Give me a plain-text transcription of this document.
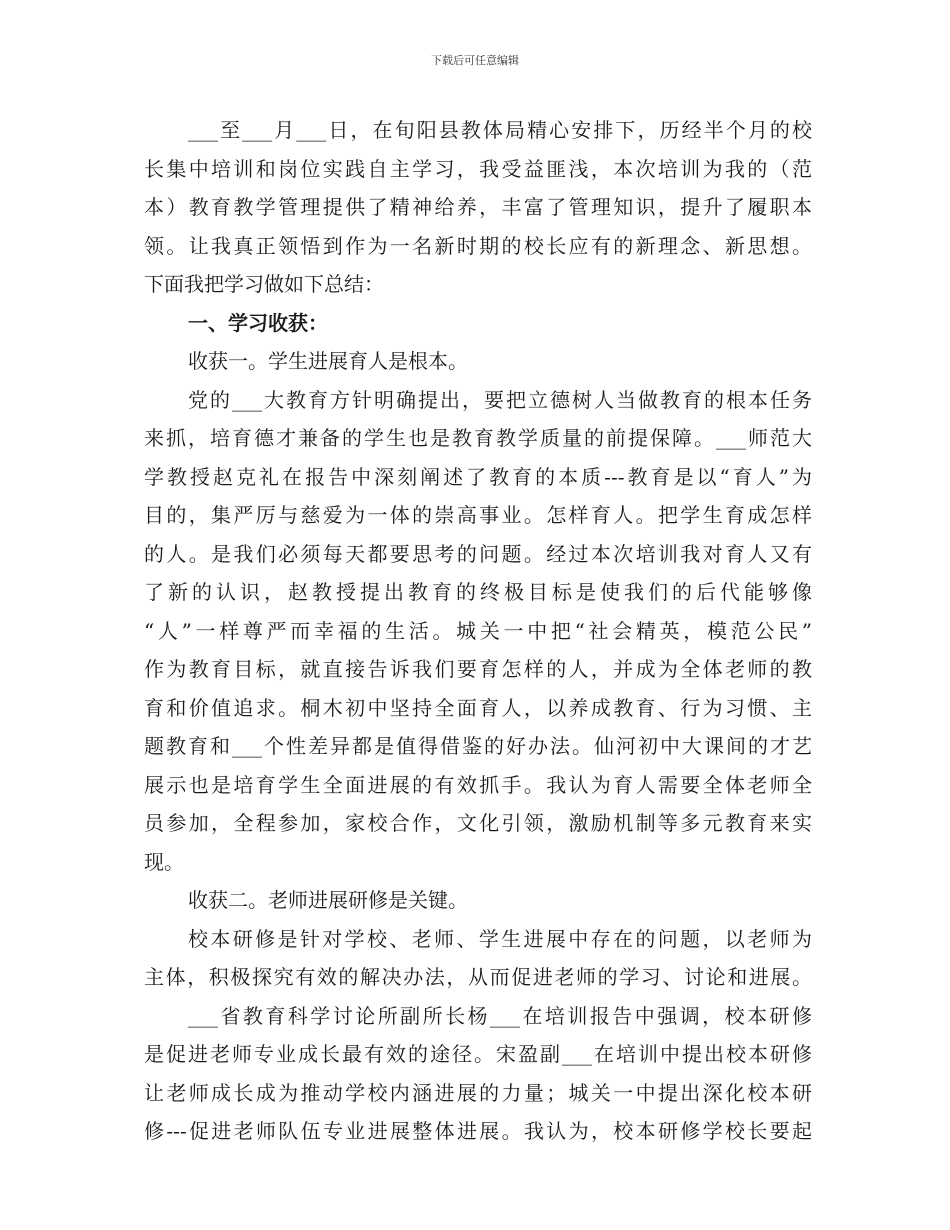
下载后可任意编辑
___至___月___日，在旬阳县教体局精心安排下，历经半个月的校
长集中培训和岗位实践自主学习，我受益匪浅，本次培训为我的（范
本）教育教学管理提供了精神给养，丰富了管理知识，提升了履职本
领。让我真正领悟到作为一名新时期的校长应有的新理念、新思想。
下面我把学习做如下总结：
一、学习收获：
收获一。学生进展育人是根本。
党的___大教育方针明确提出，要把立德树人当做教育的根本任务
来抓，培育德才兼备的学生也是教育教学质量的前提保障。___师范大
学教授赵克礼在报告中深刻阐述了教育的本质---教育是以“育人”为
目的，集严厉与慈爱为一体的崇高事业。怎样育人。把学生育成怎样
的人。是我们必须每天都要思考的问题。经过本次培训我对育人又有
了新的认识，赵教授提出教育的终极目标是使我们的后代能够像
“人”一样尊严而幸福的生活。城关一中把“社会精英，模范公民”
作为教育目标，就直接告诉我们要育怎样的人，并成为全体老师的教
育和价值追求。桐木初中坚持全面育人，以养成教育、行为习惯、主
题教育和___个性差异都是值得借鉴的好办法。仙河初中大课间的才艺
展示也是培育学生全面进展的有效抓手。我认为育人需要全体老师全
员参加，全程参加，家校合作，文化引领，激励机制等多元教育来实
现。
收获二。老师进展研修是关键。
校本研修是针对学校、老师、学生进展中存在的问题，以老师为
主体，积极探究有效的解决办法，从而促进老师的学习、讨论和进展。
___省教育科学讨论所副所长杨___在培训报告中强调，校本研修
是促进老师专业成长最有效的途径。宋盈副___在培训中提出校本研修
让老师成长成为推动学校内涵进展的力量；城关一中提出深化校本研
修---促进老师队伍专业进展整体进展。我认为，校本研修学校长要起
